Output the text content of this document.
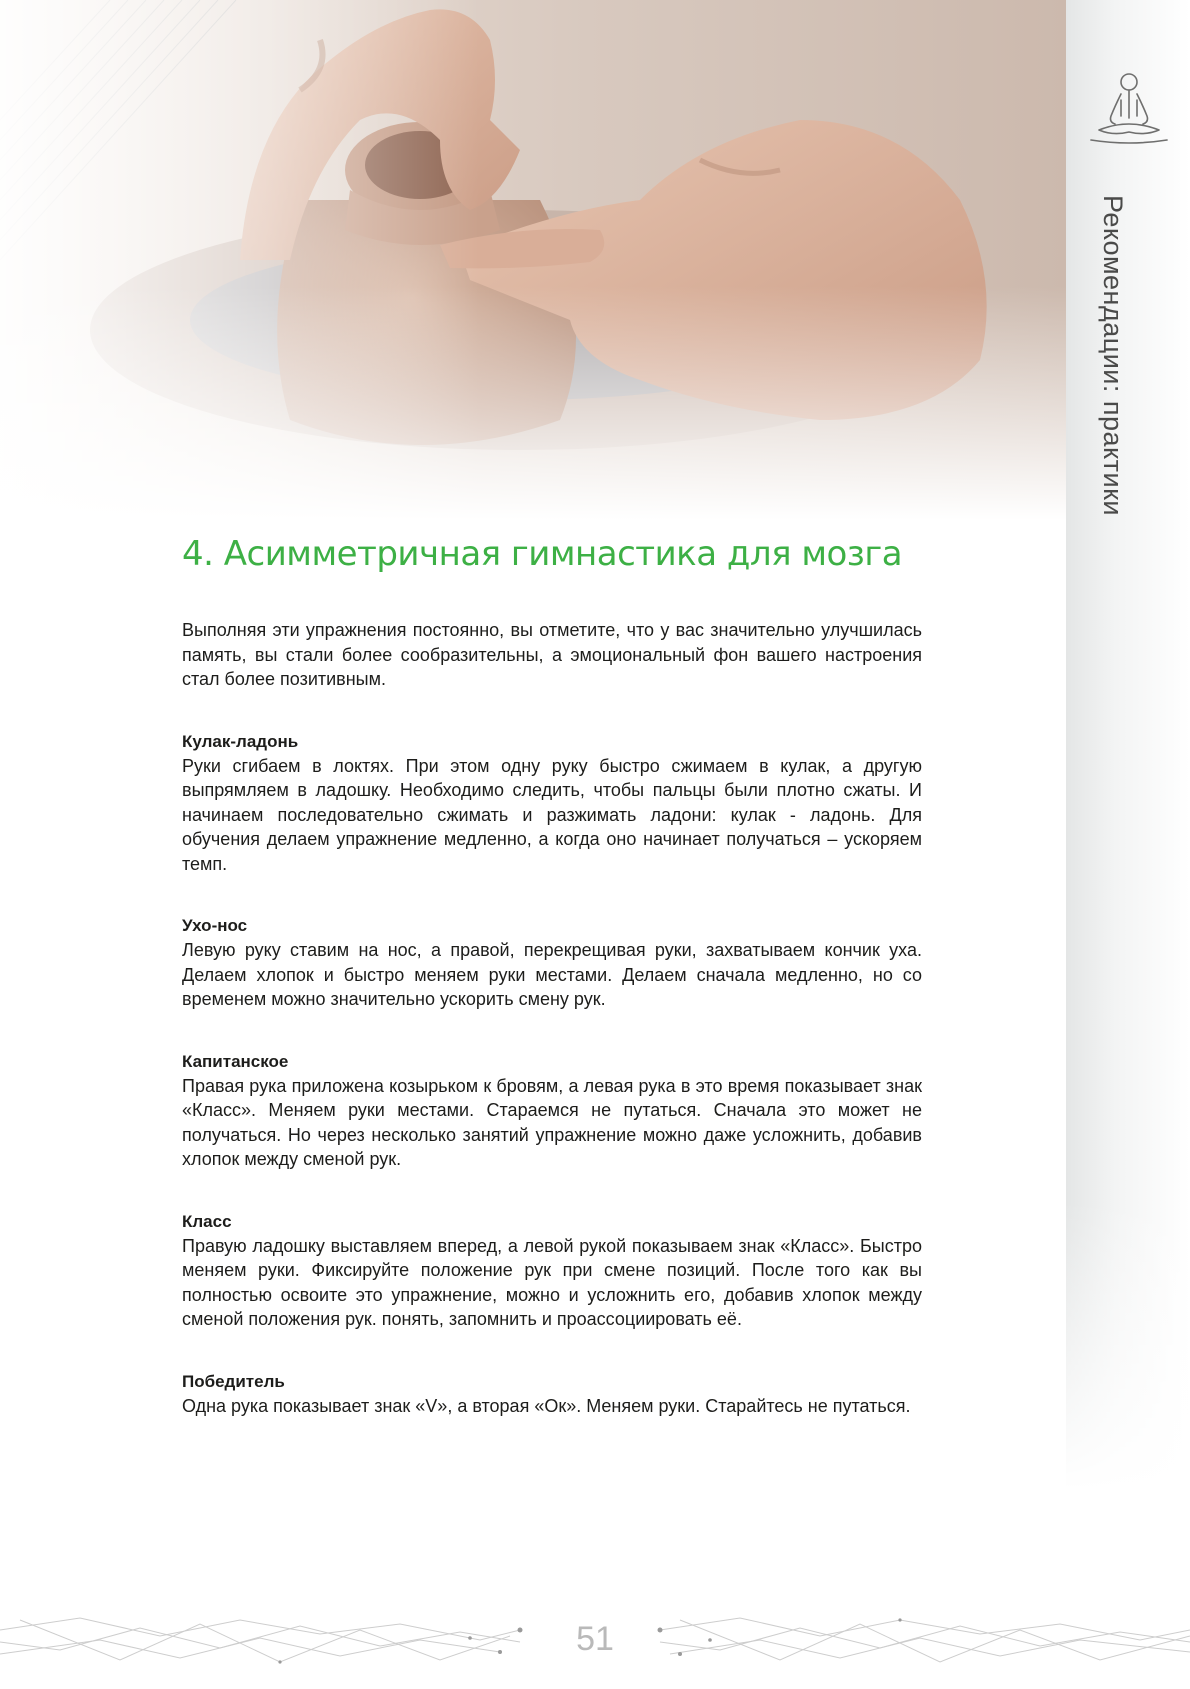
Рекомендации: практики
4. Асимметричная гимнастика для мозга

Выполняя эти упражнения постоянно, вы отметите, что у вас значительно улучшилась память, вы стали более сообразительны, а эмоциональный фон вашего настроения стал более позитивным.

Кулак-ладонь

Руки сгибаем в локтях. При этом одну руку быстро сжимаем в кулак, а другую выпрямляем в ладошку. Необходимо следить, чтобы пальцы были плотно сжаты. И начинаем последовательно сжимать и разжимать ладони: кулак - ладонь. Для обучения делаем упражнение медленно, а когда оно начинает получаться – ускоряем темп.

Ухо-нос

Левую руку ставим на нос, а правой, перекрещивая руки, захватываем кончик уха. Делаем хлопок и быстро меняем руки местами. Делаем сначала медленно, но со временем можно значительно ускорить смену рук.

Капитанское

Правая рука приложена козырьком к бровям, а левая рука в это время показывает знак «Класс». Меняем руки местами. Стараемся не путаться. Сначала это может не получаться. Но через несколько занятий упражнение можно даже усложнить, добавив хлопок между сменой рук.

Класс

Правую ладошку выставляем вперед, а левой рукой показываем знак «Класс». Быстро меняем руки. Фиксируйте положение рук при смене позиций. После того как вы полностью освоите это упражнение, можно и усложнить его, добавив хлопок между сменой положения рук. понять, запомнить и проассоциировать её.

Победитель

Одна рука показывает знак «V», а вторая «Ок». Меняем руки. Старайтесь не путаться.

51
